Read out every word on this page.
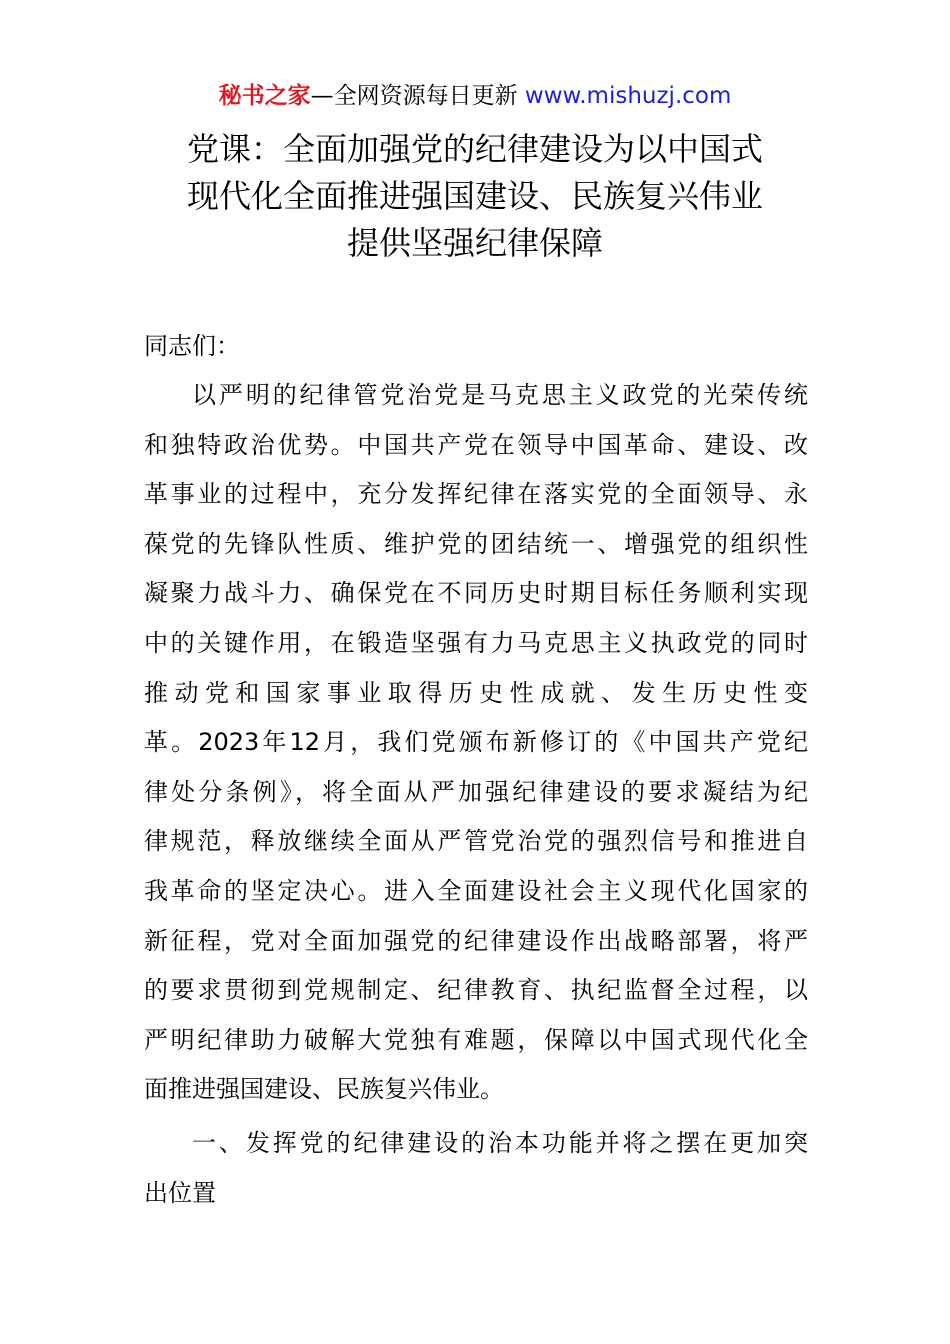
秘书之家—全网资源每日更新 www.mishuzj.com
党课：全面加强党的纪律建设为以中国式
现代化全面推进强国建设、民族复兴伟业
提供坚强纪律保障
同志们：
以严明的纪律管党治党是马克思主义政党的光荣传统
和独特政治优势。中国共产党在领导中国革命、建设、改
革事业的过程中，充分发挥纪律在落实党的全面领导、永
葆党的先锋队性质、维护党的团结统一、增强党的组织性
凝聚力战斗力、确保党在不同历史时期目标任务顺利实现
中的关键作用，在锻造坚强有力马克思主义执政党的同时
推动党和国家事业取得历史性成就、发生历史性变
革。2023年12月，我们党颁布新修订的《中国共产党纪
律处分条例》，将全面从严加强纪律建设的要求凝结为纪
律规范，释放继续全面从严管党治党的强烈信号和推进自
我革命的坚定决心。进入全面建设社会主义现代化国家的
新征程，党对全面加强党的纪律建设作出战略部署，将严
的要求贯彻到党规制定、纪律教育、执纪监督全过程，以
严明纪律助力破解大党独有难题，保障以中国式现代化全
面推进强国建设、民族复兴伟业。
一、发挥党的纪律建设的治本功能并将之摆在更加突
出位置
